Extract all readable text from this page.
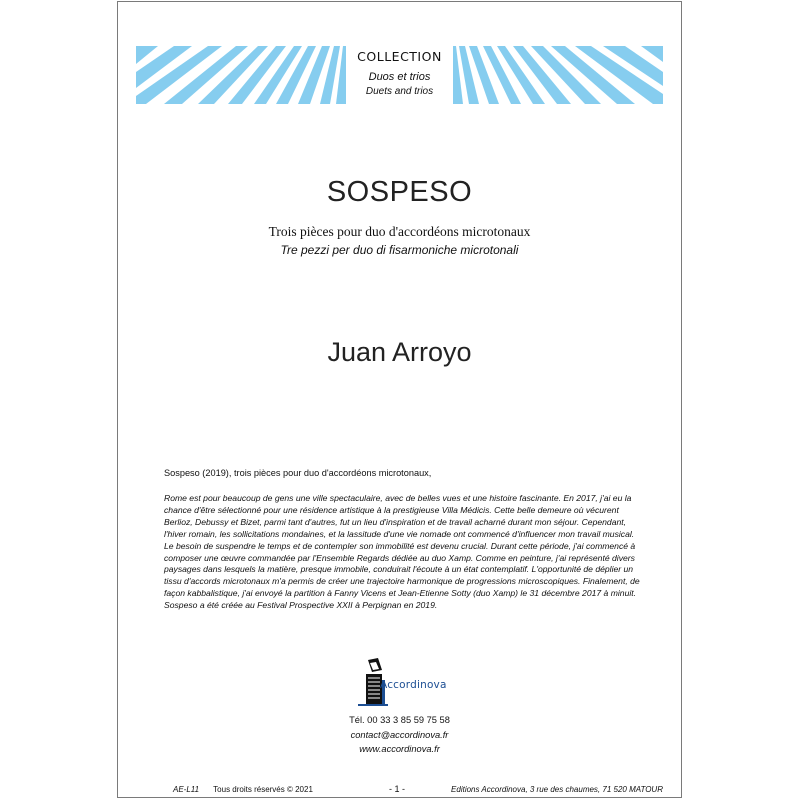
COLLECTION
Duos et trios
Duets and trios
SOSPESO
Trois pièces pour duo d'accordéons microtonaux
Tre pezzi per duo di fisarmoniche microtonali
Juan Arroyo
Sospeso (2019), trois pièces pour duo d'accordéons microtonaux,

Rome est pour beaucoup de gens une ville spectaculaire, avec de belles vues et une histoire fascinante. En 2017, j'ai eu la chance d'être sélectionné pour une résidence artistique à la prestigieuse Villa Médicis. Cette belle demeure où vécurent Berlioz, Debussy et Bizet, parmi tant d'autres, fut un lieu d'inspiration et de travail acharné durant mon séjour. Cependant, l'hiver romain, les sollicitations mondaines, et la lassitude d'une vie nomade ont commencé d'influencer mon travail musical. Le besoin de suspendre le temps et de contempler son immobilité est devenu crucial. Durant cette période, j'ai commencé à composer une œuvre commandée par l'Ensemble Regards dédiée au duo Xamp. Comme en peinture, j'ai représenté divers paysages dans lesquels la matière, presque immobile, conduirait l'écoute à un état contemplatif. L'opportunité de déplier un tissu d'accords microtonaux m'a permis de créer une trajectoire harmonique de progressions microscopiques. Finalement, de façon kabbalistique, j'ai envoyé la partition à Fanny Vicens et Jean-Etienne Sotty (duo Xamp) le 31 décembre 2017 à minuit. Sospeso a été créée au Festival Prospective XXII à Perpignan en 2019.

Accordinova
Tél. 00 33 3 85 59 75 58
contact@accordinova.fr
www.accordinova.fr
AE-L11 Tous droits réservés © 2021	- 1 -	Editions Accordinova, 3 rue des chaumes, 71 520 MATOUR
